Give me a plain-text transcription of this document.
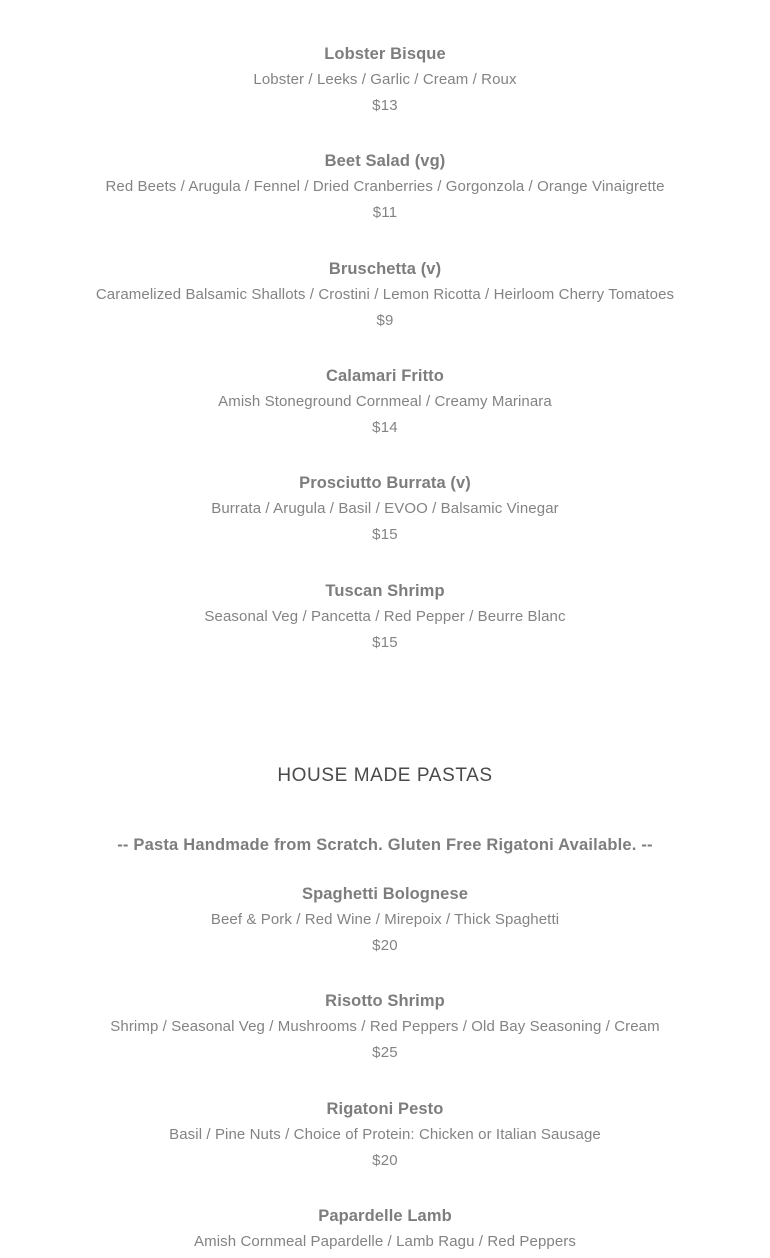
Lobster Bisque
Lobster / Leeks / Garlic / Cream / Roux
$13
Beet Salad (vg)
Red Beets / Arugula / Fennel / Dried Cranberries / Gorgonzola / Orange Vinaigrette
$11
Bruschetta (v)
Caramelized Balsamic Shallots / Crostini / Lemon Ricotta / Heirloom Cherry Tomatoes
$9
Calamari Fritto
Amish Stoneground Cornmeal / Creamy Marinara
$14
Prosciutto Burrata (v)
Burrata / Arugula / Basil / EVOO / Balsamic Vinegar
$15
Tuscan Shrimp
Seasonal Veg / Pancetta / Red Pepper / Beurre Blanc
$15
HOUSE MADE PASTAS
-- Pasta Handmade from Scratch. Gluten Free Rigatoni Available. --
Spaghetti Bolognese
Beef & Pork / Red Wine / Mirepoix / Thick Spaghetti
$20
Risotto Shrimp
Shrimp / Seasonal Veg / Mushrooms / Red Peppers / Old Bay Seasoning / Cream
$25
Rigatoni Pesto
Basil / Pine Nuts / Choice of Protein: Chicken or Italian Sausage
$20
Papardelle Lamb
Amish Cornmeal Papardelle / Lamb Ragu / Red Peppers
